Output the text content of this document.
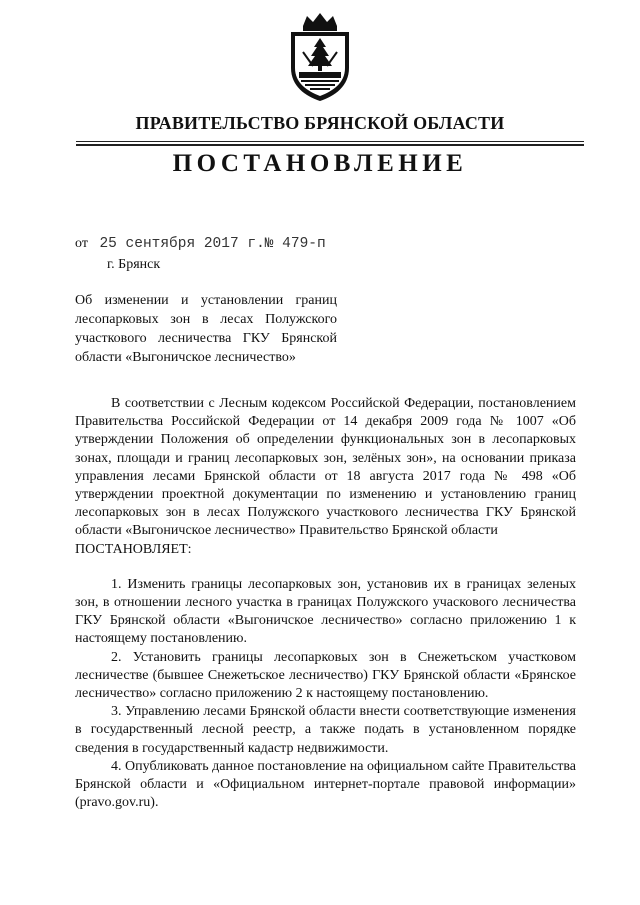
ПРАВИТЕЛЬСТВО БРЯНСКОЙ ОБЛАСТИ
ПОСТАНОВЛЕНИЕ
от 25 сентября 2017 г.№ 479-п
г. Брянск
Об изменении и установлении границ
лесопарковых зон в лесах Полужского
участкового лесничества ГКУ Брянской
области «Выгоничское лесничество»

В соответствии с Лесным кодексом Российской Федерации, постановлением Правительства Российской Федерации от 14 декабря 2009 года № 1007 «Об утверждении Положения об определении функциональных зон в лесопарковых зонах, площади и границ лесопарковых зон, зелёных зон», на основании приказа управления лесами Брянской области от 18 августа 2017 года № 498 «Об утверждении проектной документации по изменению и установлению границ лесопарковых зон в лесах Полужского участкового лесничества ГКУ Брянской области «Выгоничское лесничество» Правительство Брянской области

ПОСТАНОВЛЯЕТ:

1. Изменить границы лесопарковых зон, установив их в границах зеленых зон, в отношении лесного участка в границах Полужского учаскового лесничества ГКУ Брянской области «Выгоничское лесничество» согласно приложению 1 к настоящему постановлению.

2. Установить границы лесопарковых зон в Снежетьском участковом лесничестве (бывшее Снежетьское лесничество) ГКУ Брянской области «Брянское лесничество» согласно приложению 2 к настоящему постановлению.

3. Управлению лесами Брянской области внести соответствующие изменения в государственный лесной реестр, а также подать в установленном порядке сведения в государственный кадастр недвижимости.

4. Опубликовать данное постановление на официальном сайте Правительства Брянской области и «Официальном интернет-портале правовой информации» (pravo.gov.ru).
